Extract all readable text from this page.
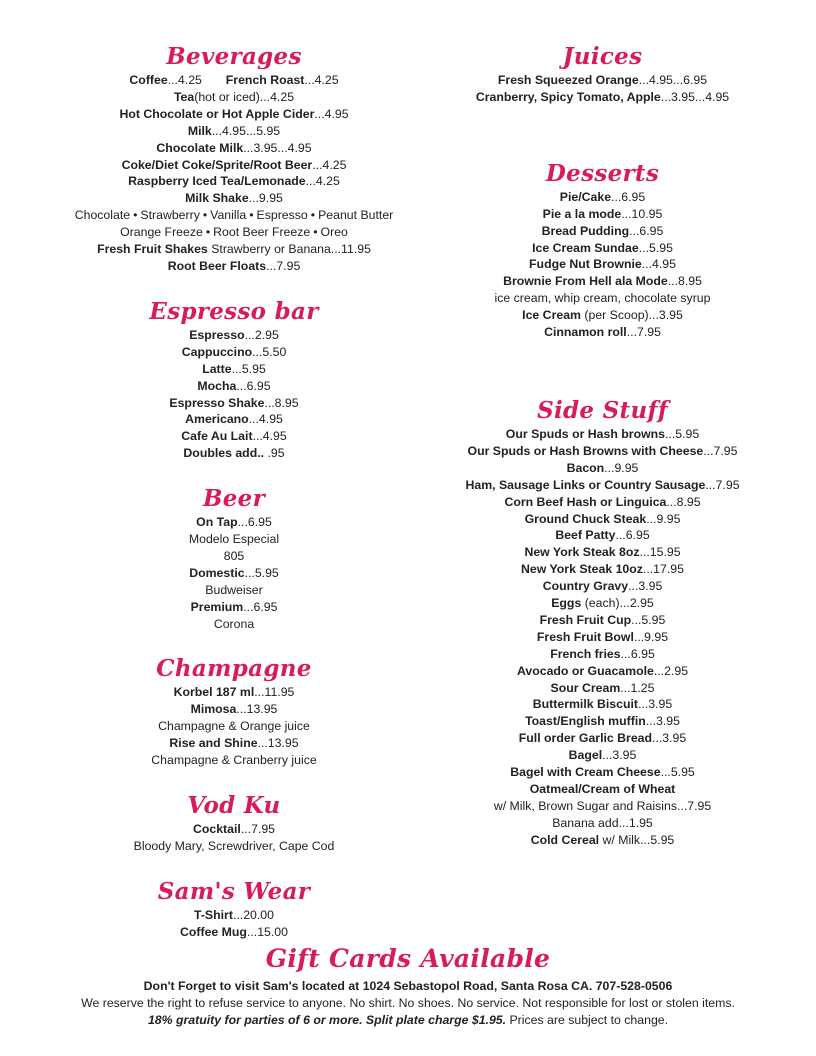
Beverages
Coffee...4.25 French Roast...4.25
Tea(hot or iced)...4.25
Hot Chocolate or Hot Apple Cider...4.95
Milk...4.95...5.95
Chocolate Milk...3.95...4.95
Coke/Diet Coke/Sprite/Root Beer...4.25
Raspberry Iced Tea/Lemonade...4.25
Milk Shake...9.95
Chocolate • Strawberry • Vanilla • Espresso • Peanut Butter
Orange Freeze • Root Beer Freeze • Oreo
Fresh Fruit Shakes Strawberry or Banana...11.95
Root Beer Floats...7.95
Espresso bar
Espresso...2.95
Cappuccino...5.50
Latte...5.95
Mocha...6.95
Espresso Shake...8.95
Americano...4.95
Cafe Au Lait...4.95
Doubles add.. .95
Beer
On Tap...6.95
Modelo Especial
805
Domestic...5.95
Budweiser
Premium...6.95
Corona
Champagne
Korbel 187 ml...11.95
Mimosa...13.95
Champagne & Orange juice
Rise and Shine...13.95
Champagne & Cranberry juice
Vod Ku
Cocktail...7.95
Bloody Mary, Screwdriver, Cape Cod
Sam's Wear
T-Shirt...20.00
Coffee Mug...15.00
Juices
Fresh Squeezed Orange...4.95...6.95
Cranberry, Spicy Tomato, Apple...3.95...4.95
Desserts
Pie/Cake...6.95
Pie a la mode...10.95
Bread Pudding...6.95
Ice Cream Sundae...5.95
Fudge Nut Brownie...4.95
Brownie From Hell ala Mode...8.95
ice cream, whip cream, chocolate syrup
Ice Cream (per Scoop)...3.95
Cinnamon roll...7.95
Side Stuff
Our Spuds or Hash browns...5.95
Our Spuds or Hash Browns with Cheese...7.95
Bacon...9.95
Ham, Sausage Links or Country Sausage...7.95
Corn Beef Hash or Linguica...8.95
Ground Chuck Steak...9.95
Beef Patty...6.95
New York Steak 8oz...15.95
New York Steak 10oz...17.95
Country Gravy...3.95
Eggs (each)...2.95
Fresh Fruit Cup...5.95
Fresh Fruit Bowl...9.95
French fries...6.95
Avocado or Guacamole...2.95
Sour Cream...1.25
Buttermilk Biscuit...3.95
Toast/English muffin...3.95
Full order Garlic Bread...3.95
Bagel...3.95
Bagel with Cream Cheese...5.95
Oatmeal/Cream of Wheat
w/ Milk, Brown Sugar and Raisins...7.95
Banana add...1.95
Cold Cereal w/ Milk...5.95
Gift Cards Available
Don't Forget to visit Sam's located at 1024 Sebastopol Road, Santa Rosa CA. 707-528-0506
We reserve the right to refuse service to anyone. No shirt. No shoes. No service. Not responsible for lost or stolen items.
18% gratuity for parties of 6 or more. Split plate charge $1.95. Prices are subject to change.
